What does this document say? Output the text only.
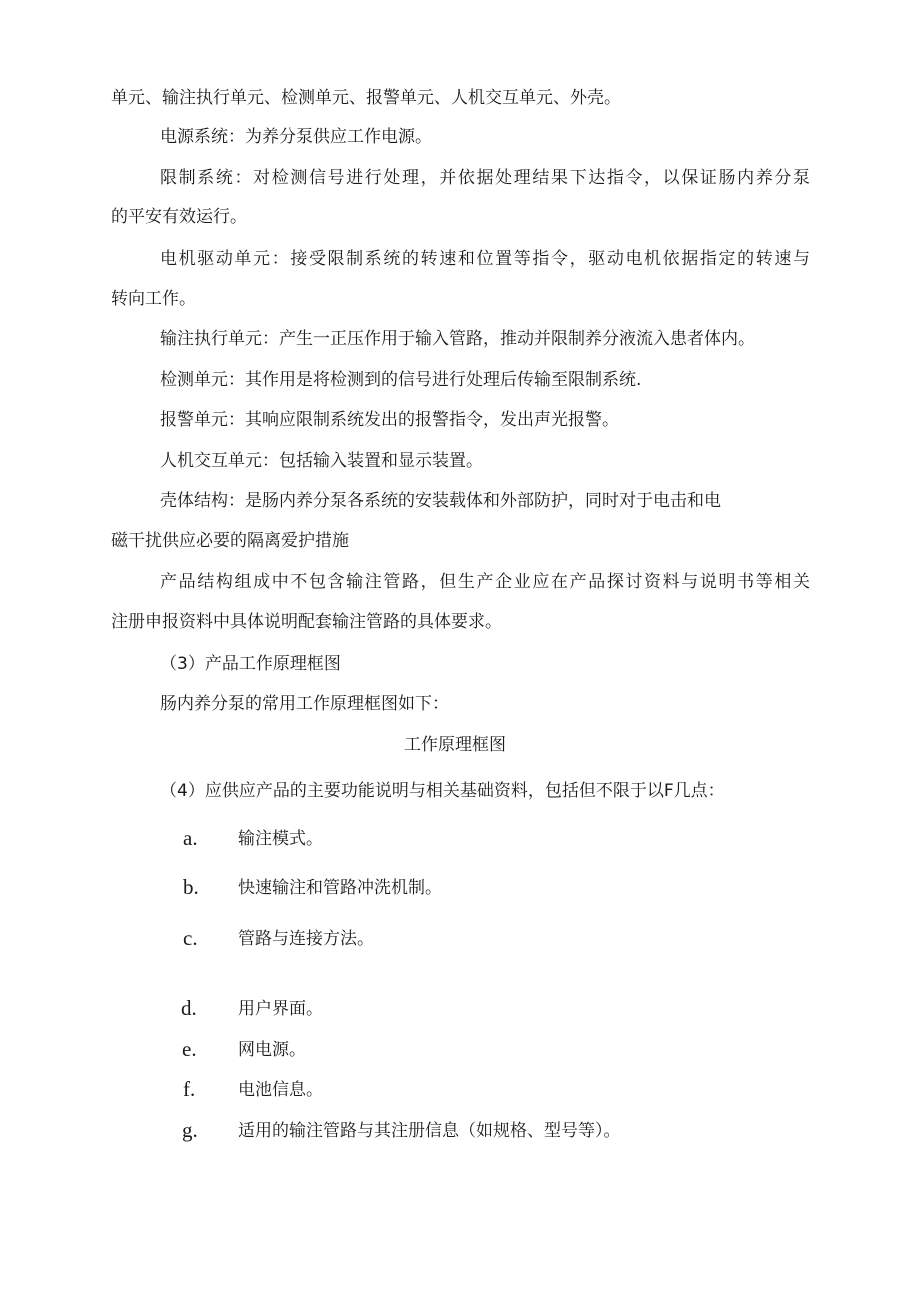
单元、输注执行单元、检测单元、报警单元、人机交互单元、外壳。
电源系统：为养分泵供应工作电源。
限制系统：对检测信号进行处理，并依据处理结果下达指令，以保证肠内养分泵
的平安有效运行。
电机驱动单元：接受限制系统的转速和位置等指令，驱动电机依据指定的转速与
转向工作。
输注执行单元：产生一正压作用于输入管路，推动并限制养分液流入患者体内。
检测单元：其作用是将检测到的信号进行处理后传输至限制系统.
报警单元：其响应限制系统发出的报警指令，发出声光报警。
人机交互单元：包括输入装置和显示装置。
壳体结构：是肠内养分泵各系统的安装载体和外部防护，同时对于电击和电
磁干扰供应必要的隔离爱护措施
产品结构组成中不包含输注管路，但生产企业应在产品探讨资料与说明书等相关
注册申报资料中具体说明配套输注管路的具体要求。
（3）产品工作原理框图
肠内养分泵的常用工作原理框图如下：
工作原理框图
（4）应供应产品的主要功能说明与相关基础资料，包括但不限于以F几点：
a. 输注模式。
b. 快速输注和管路冲洗机制。
c. 管路与连接方法。
d. 用户界面。
e. 网电源。
f.	电池信息。
g. 适用的输注管路与其注册信息（如规格、型号等）。
